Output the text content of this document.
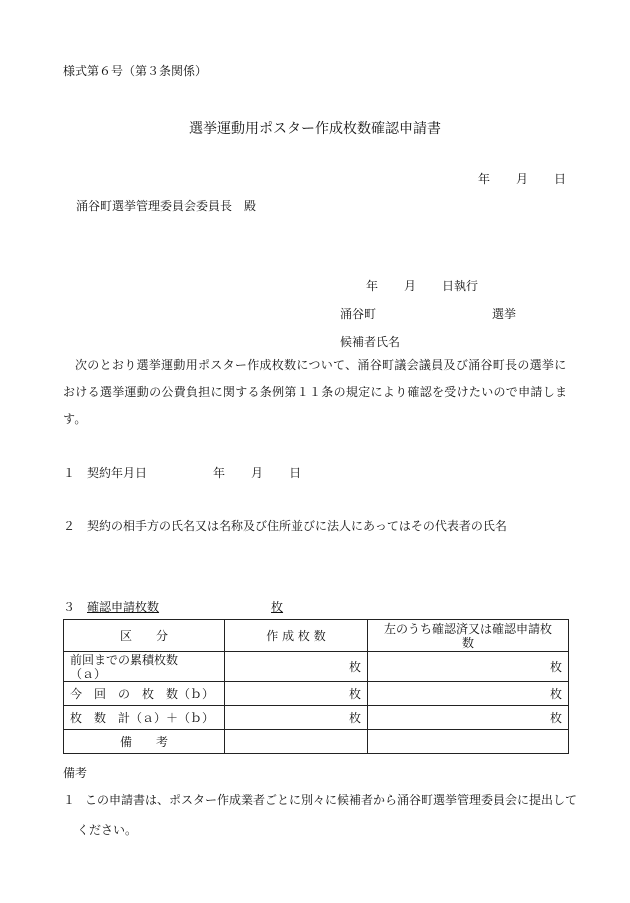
様式第６号（第３条関係）
選挙運動用ポスター作成枚数確認申請書
年 月 日
涌谷町選挙管理委員会委員長　殿
年 月 日執行
涌谷町	選挙
候補者氏名
次のとおり選挙運動用ポスター作成枚数について、涌谷町議会議員及び涌谷町長の選挙における選挙運動の公費負担に関する条例第１１条の規定により確認を受けたいので申請します。
１ 契約年月日	年 月 日
２ 契約の相手方の氏名又は名称及び住所並びに法人にあってはその代表者の氏名
３ 確認申請枚数	枚
区　　分	作 成 枚 数	左のうち確認済又は確認申請枚
数

前回までの累積枚数
（ａ）	枚	枚
今　回　の　枚　数（ｂ）	枚	枚
枚　数　計（ａ）＋（ｂ）	枚	枚
備　　考		
備考
１ この申請書は、ポスター作成業者ごとに別々に候補者から涌谷町選挙管理委員会に提出してください。
